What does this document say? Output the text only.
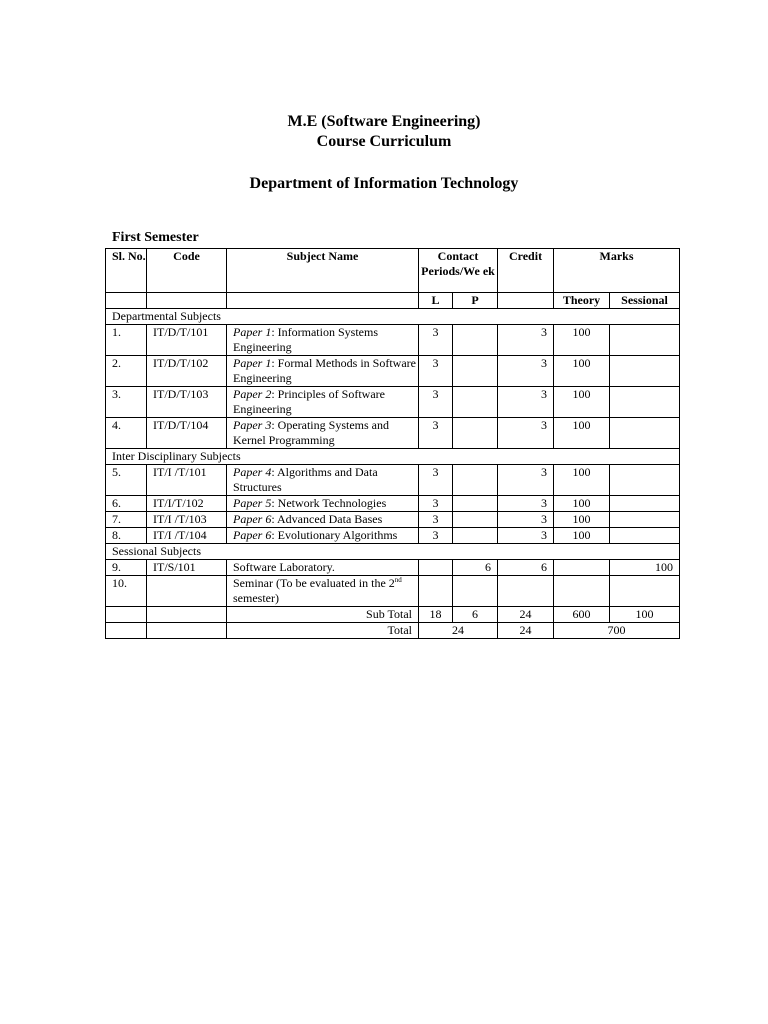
M.E (Software Engineering)
Course Curriculum
Department of Information Technology
First Semester
Sl. No.	Code	Subject Name	Contact Periods/We ek		Credit	Marks	
			L	P		Theory	Sessional
Departmental Subjects							
1.	IT/D/T/101	Paper 1: Information Systems Engineering	3		3	100	
2.	IT/D/T/102	Paper 1: Formal Methods in Software Engineering	3		3	100	
3.	IT/D/T/103	Paper 2: Principles of Software Engineering	3		3	100	
4.	IT/D/T/104	Paper 3: Operating Systems and Kernel Programming	3		3	100	
Inter Disciplinary Subjects							
5.	IT/I /T/101	Paper 4: Algorithms and Data Structures	3		3	100	
6.	IT/I/T/102	Paper 5: Network Technologies	3		3	100	
7.	IT/I /T/103	Paper 6: Advanced Data Bases	3		3	100	
8.	IT/I /T/104	Paper 6: Evolutionary Algorithms	3		3	100	
Sessional Subjects							
9.	IT/S/101	Software Laboratory.		6	6		100
10.		Seminar (To be evaluated in the 2nd semester)					
		Sub Total	18	6	24	600	100
		Total	24		24	700	
